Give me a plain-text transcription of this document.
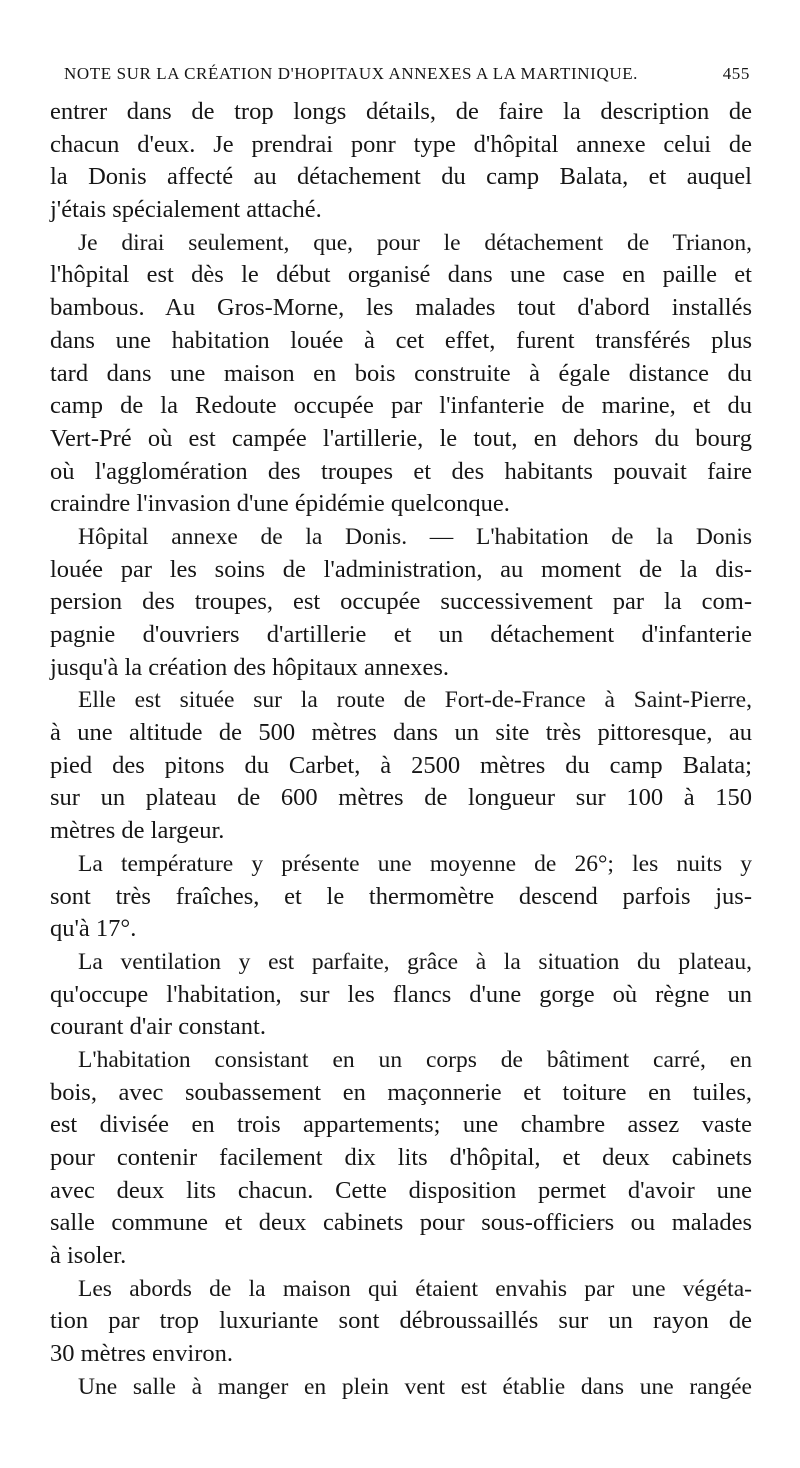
NOTE SUR LA CRÉATION D'HOPITAUX ANNEXES A LA MARTINIQUE.	455
entrer dans de trop longs détails, de faire la description de
chacun d'eux. Je prendrai ponr type d'hôpital annexe celui de
la Donis affecté au détachement du camp Balata, et auquel
j'étais spécialement attaché.
Je dirai seulement, que, pour le détachement de Trianon,
l'hôpital est dès le début organisé dans une case en paille et
bambous. Au Gros-Morne, les malades tout d'abord installés
dans une habitation louée à cet effet, furent transférés plus
tard dans une maison en bois construite à égale distance du
camp de la Redoute occupée par l'infanterie de marine, et du
Vert-Pré où est campée l'artillerie, le tout, en dehors du bourg
où l'agglomération des troupes et des habitants pouvait faire
craindre l'invasion d'une épidémie quelconque.
Hôpital annexe de la Donis. — L'habitation de la Donis
louée par les soins de l'administration, au moment de la dis-
persion des troupes, est occupée successivement par la com-
pagnie d'ouvriers d'artillerie et un détachement d'infanterie
jusqu'à la création des hôpitaux annexes.
Elle est située sur la route de Fort-de-France à Saint-Pierre,
à une altitude de 500 mètres dans un site très pittoresque, au
pied des pitons du Carbet, à 2500 mètres du camp Balata;
sur un plateau de 600 mètres de longueur sur 100 à 150
mètres de largeur.
La température y présente une moyenne de 26°; les nuits y
sont très fraîches, et le thermomètre descend parfois jus-
qu'à 17°.
La ventilation y est parfaite, grâce à la situation du plateau,
qu'occupe l'habitation, sur les flancs d'une gorge où règne un
courant d'air constant.
L'habitation consistant en un corps de bâtiment carré, en
bois, avec soubassement en maçonnerie et toiture en tuiles,
est divisée en trois appartements; une chambre assez vaste
pour contenir facilement dix lits d'hôpital, et deux cabinets
avec deux lits chacun. Cette disposition permet d'avoir une
salle commune et deux cabinets pour sous-officiers ou malades
à isoler.
Les abords de la maison qui étaient envahis par une végéta-
tion par trop luxuriante sont débroussaillés sur un rayon de
30 mètres environ.
Une salle à manger en plein vent est établie dans une rangée
